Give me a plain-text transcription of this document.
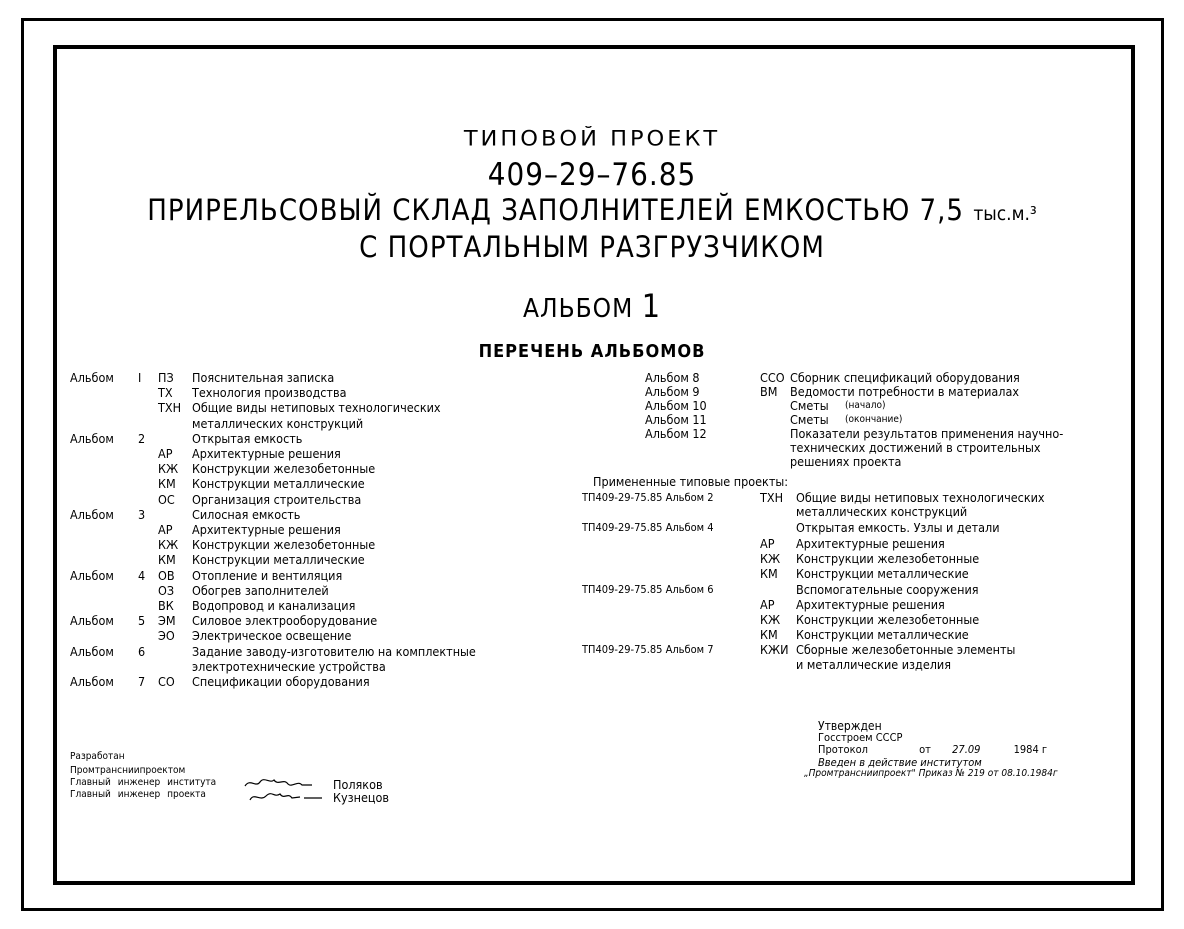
ТИПОВОЙ ПРОЕКТ
409–29–76.85
ПРИРЕЛЬСОВЫЙ СКЛАД ЗАПОЛНИТЕЛЕЙ ЕМКОСТЬЮ 7,5 тыс.м.³
С ПОРТАЛЬНЫМ РАЗГРУЗЧИКОМ
АЛЬБОМ 1
ПЕРЕЧЕНЬ АЛЬБОМОВ
Альбом I ПЗ Пояснительная записка
ТХ Технология производства
ТХН Общие виды нетиповых технологических
металлических конструкций
Альбом 2	Открытая емкость
АР Архитектурные решения
КЖ Конструкции железобетонные
КМ Конструкции металлические
ОС Организация строительства
Альбом 3	Силосная емкость
АР Архитектурные решения
КЖ Конструкции железобетонные
КМ Конструкции металлические
Альбом 4 ОВ Отопление и вентиляция
ОЗ Обогрев заполнителей
ВК Водопровод и канализация
Альбом 5 ЭМ Силовое электрооборудование
ЭО Электрическое освещение
Альбом 6	Задание заводу-изготовителю на комплектные
электротехнические устройства
Альбом 7 СО Спецификации оборудования
Альбом 8	ССО Сборник спецификаций оборудования
Альбом 9	ВМ Ведомости потребности в материалах
Альбом 10	Сметы (начало)
Альбом 11	Сметы (окончание)
Альбом 12	Показатели результатов применения научно-
технических достижений в строительных
решениях проекта
Примененные типовые проекты:
ТП409-29-75.85 Альбом 2	ТХН Общие виды нетиповых технологических
металлических конструкций
ТП409-29-75.85 Альбом 4	Открытая емкость. Узлы и детали
АР Архитектурные решения
КЖ Конструкции железобетонные
КМ Конструкции металлические
ТП409-29-75.85 Альбом 6	Вспомогательные сооружения
АР Архитектурные решения
КЖ Конструкции железобетонные
КМ Конструкции металлические
ТП409-29-75.85 Альбом 7	КЖИ Сборные железобетонные элементы
и металлические изделия
Разработан
Промтрансниипроектом
Главный инженер института
Главный инженер проекта
Поляков
Кузнецов
Утвержден
Госстроем СССР
Протокол	от 27.09	1984 г
Введен в действие институтом
„Промтрансниипроект" Приказ № 219 от 08.10.1984г
